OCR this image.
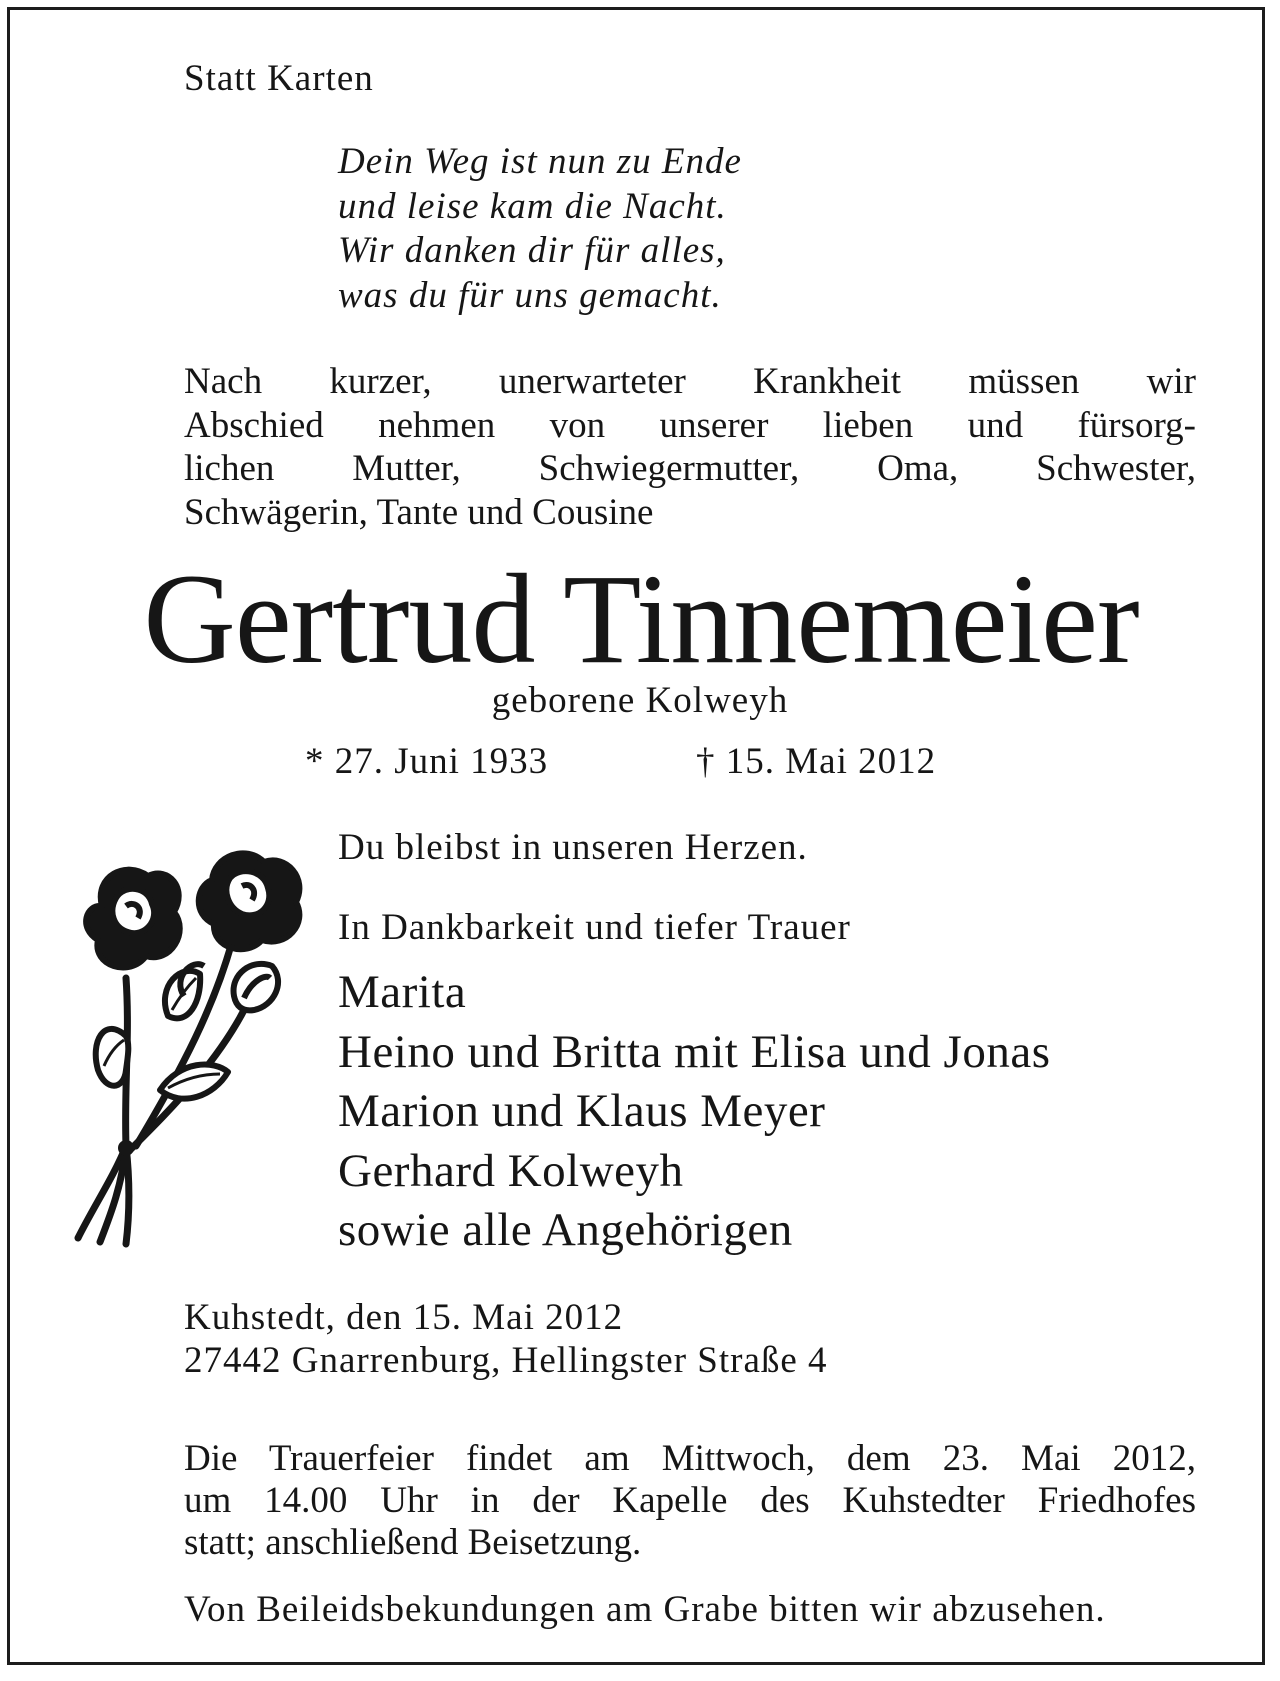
Statt Karten
Dein Weg ist nun zu Ende
und leise kam die Nacht.
Wir danken dir für alles,
was du für uns gemacht.
Nach kurzer, unerwarteter Krankheit müssen wir
Abschied nehmen von unserer lieben und fürsorg-
lichen Mutter, Schwiegermutter, Oma, Schwester,
Schwägerin, Tante und Cousine
Gertrud Tinnemeier
geborene Kolweyh
* 27. Juni 1933	† 15. Mai 2012
Du bleibst in unseren Herzen.
In Dankbarkeit und tiefer Trauer
Marita
Heino und Britta mit Elisa und Jonas
Marion und Klaus Meyer
Gerhard Kolweyh
sowie alle Angehörigen
Kuhstedt, den 15. Mai 2012
27442 Gnarrenburg, Hellingster Straße 4
Die Trauerfeier findet am Mittwoch, dem 23. Mai 2012,
um 14.00 Uhr in der Kapelle des Kuhstedter Friedhofes
statt; anschließend Beisetzung.
Von Beileidsbekundungen am Grabe bitten wir abzusehen.
